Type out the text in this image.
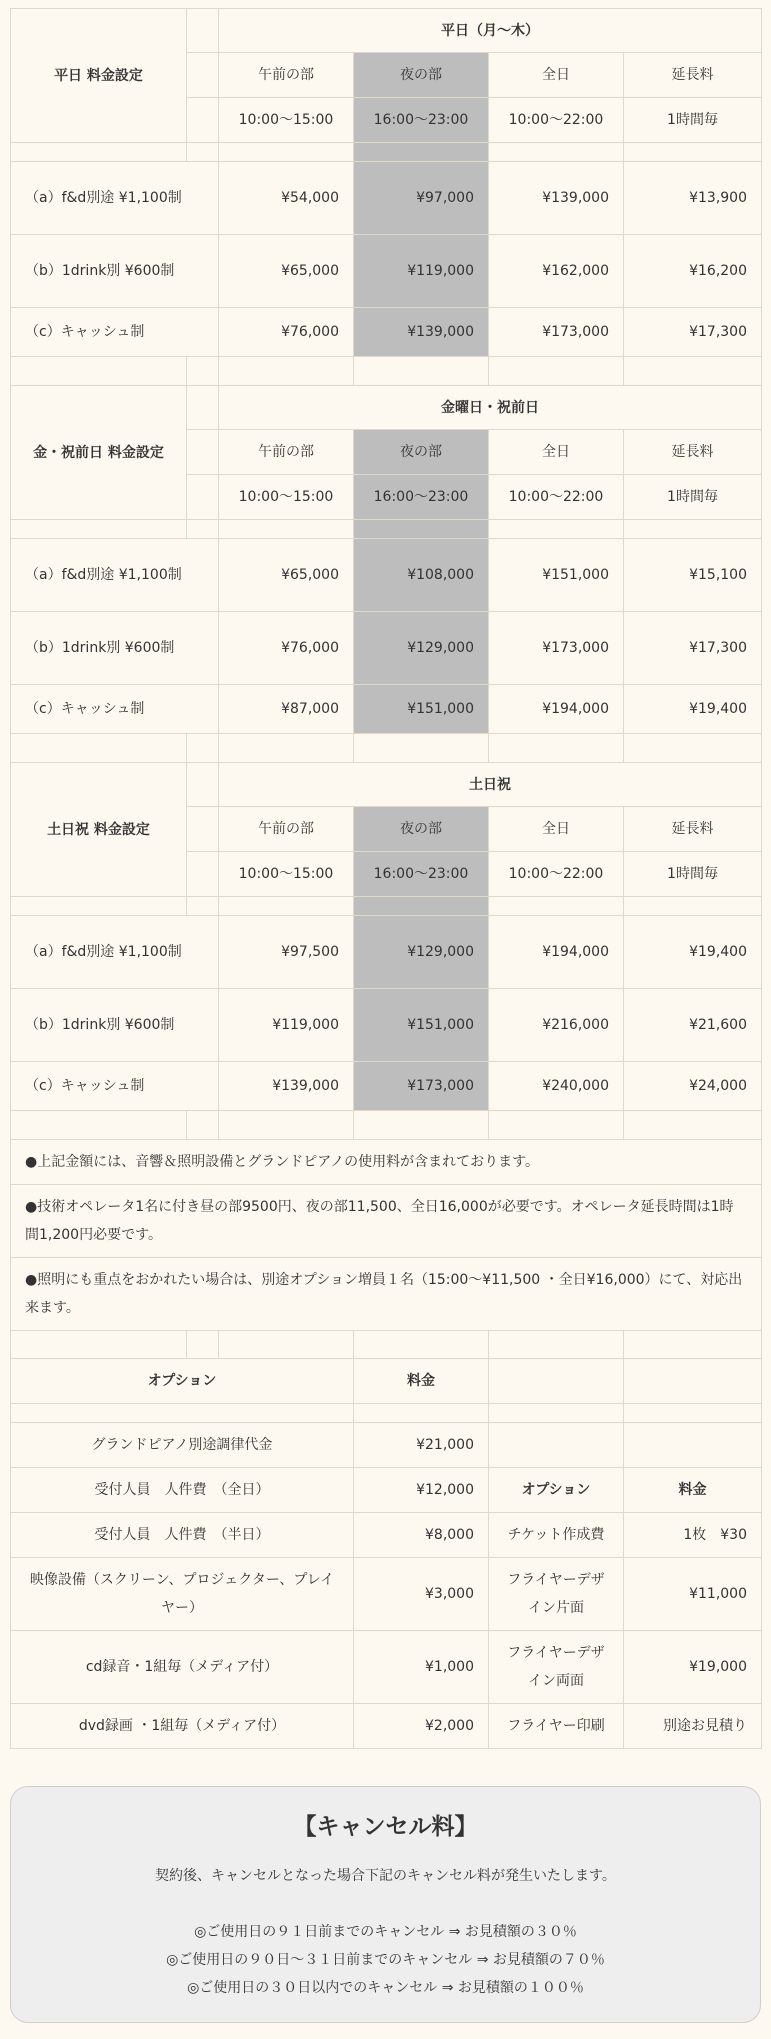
平日 料金設定		平日（月〜木）			
		午前の部	夜の部	全日	延長料
		10:00〜15:00	16:00〜23:00	10:00〜22:00	1時間毎

（a）f&d別途 ¥1,100制		¥54,000	¥97,000	¥139,000	¥13,900
（b）1drink別 ¥600制		¥65,000	¥119,000	¥162,000	¥16,200
（c）キャッシュ制		¥76,000	¥139,000	¥173,000	¥17,300

金・祝前日 料金設定		金曜日・祝前日			
		午前の部	夜の部	全日	延長料
		10:00〜15:00	16:00〜23:00	10:00〜22:00	1時間毎

（a）f&d別途 ¥1,100制		¥65,000	¥108,000	¥151,000	¥15,100
（b）1drink別 ¥600制		¥76,000	¥129,000	¥173,000	¥17,300
（c）キャッシュ制		¥87,000	¥151,000	¥194,000	¥19,400

土日祝 料金設定		土日祝			
		午前の部	夜の部	全日	延長料
		10:00〜15:00	16:00〜23:00	10:00〜22:00	1時間毎

（a）f&d別途 ¥1,100制		¥97,500	¥129,000	¥194,000	¥19,400
（b）1drink別 ¥600制		¥119,000	¥151,000	¥216,000	¥21,600
（c）キャッシュ制		¥139,000	¥173,000	¥240,000	¥24,000

●上記金額には、音響＆照明設備とグランドピアノの使用料が含まれております。					
●技術オペレータ1名に付き昼の部9500円、夜の部11,500、全日16,000が必要です。オペレータ延長時間は1時間1,200円必要です。					
●照明にも重点をおかれたい場合は、別途オプション増員１名（15:00〜¥11,500 ・全日¥16,000）にて、対応出来ます。					

オプション			料金		

グランドピアノ別途調律代金			¥21,000		
受付人員　人件費　（全日）			¥12,000	オプション	料金
受付人員　人件費　（半日）			¥8,000	チケット作成費	1枚　¥30
映像設備（スクリーン、プロジェクター、プレイヤー）			¥3,000	フライヤーデザイン片面	¥11,000
cd録音・1組毎（メディア付）			¥1,000	フライヤーデザイン両面	¥19,000
dvd録画 ・1組毎（メディア付）			¥2,000	フライヤー印刷	別途お見積り
【キャンセル料】
契約後、キャンセルとなった場合下記のキャンセル料が発生いたします。
◎ご使用日の９１日前までのキャンセル ⇒ お見積額の３０％
◎ご使用日の９０日〜３１日前までのキャンセル ⇒ お見積額の７０％
◎ご使用日の３０日以内でのキャンセル ⇒ お見積額の１００％
